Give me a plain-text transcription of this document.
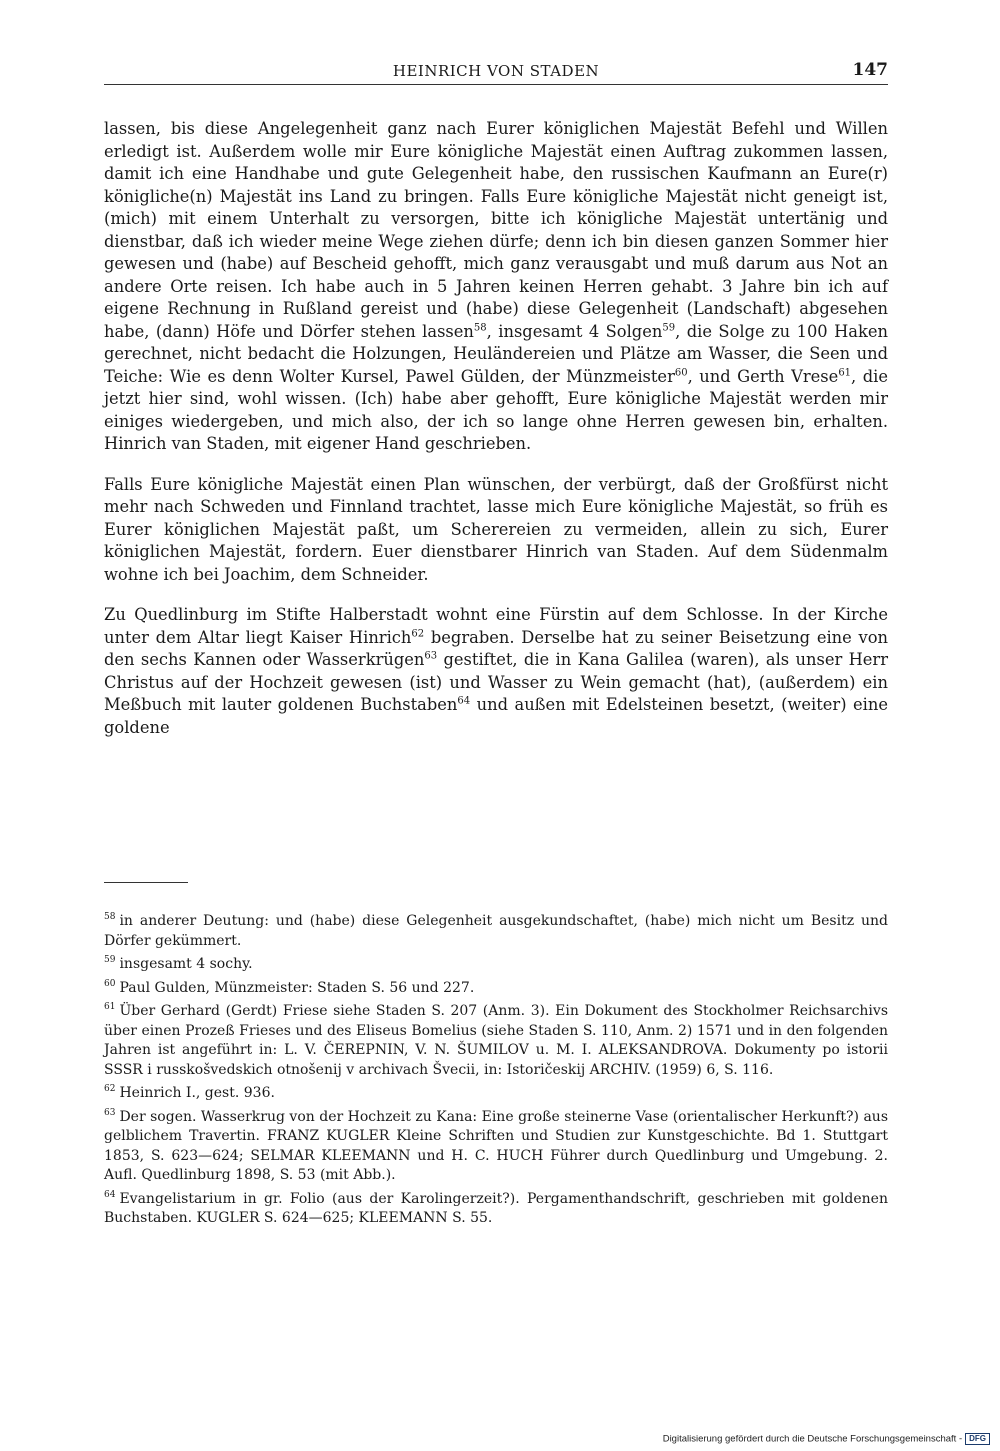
HEINRICH VON STADEN	147

lassen, bis diese Angelegenheit ganz nach Eurer königlichen Majestät Befehl und Willen erledigt ist. Außerdem wolle mir Eure königliche Majestät einen Auftrag zukommen lassen, damit ich eine Handhabe und gute Gelegenheit habe, den russischen Kaufmann an Eure(r) königliche(n) Majestät ins Land zu bringen. Falls Eure königliche Majestät nicht geneigt ist, (mich) mit einem Unterhalt zu versorgen, bitte ich königliche Majestät untertänig und dienstbar, daß ich wieder meine Wege ziehen dürfe; denn ich bin diesen ganzen Sommer hier gewesen und (habe) auf Bescheid gehofft, mich ganz verausgabt und muß darum aus Not an andere Orte reisen. Ich habe auch in 5 Jahren keinen Herren gehabt. 3 Jahre bin ich auf eigene Rechnung in Rußland gereist und (habe) diese Gelegenheit (Landschaft) abgesehen habe, (dann) Höfe und Dörfer stehen lassen$^{58}$, insgesamt 4 Solgen$^{59}$, die Solge zu 100 Haken gerechnet, nicht bedacht die Holzungen, Heuländereien und Plätze am Wasser, die Seen und Teiche: Wie es denn Wolter Kursel, Pawel Gülden, der Münzmeister$^{60}$, und Gerth Vrese$^{61}$, die jetzt hier sind, wohl wissen. (Ich) habe aber gehofft, Eure königliche Majestät werden mir einiges wiedergeben, und mich also, der ich so lange ohne Herren gewesen bin, erhalten. Hinrich van Staden, mit eigener Hand geschrieben.

Falls Eure königliche Majestät einen Plan wünschen, der verbürgt, daß der Großfürst nicht mehr nach Schweden und Finnland trachtet, lasse mich Eure königliche Majestät, so früh es Eurer königlichen Majestät paßt, um Scherereien zu vermeiden, allein zu sich, Eurer königlichen Majestät, fordern. Euer dienstbarer Hinrich van Staden. Auf dem Südenmalm wohne ich bei Joachim, dem Schneider.

Zu Quedlinburg im Stifte Halberstadt wohnt eine Fürstin auf dem Schlosse. In der Kirche unter dem Altar liegt Kaiser Hinrich$^{62}$ begraben. Derselbe hat zu seiner Beisetzung eine von den sechs Kannen oder Wasserkrügen$^{63}$ gestiftet, die in Kana Galilea (waren), als unser Herr Christus auf der Hochzeit gewesen (ist) und Wasser zu Wein gemacht (hat), (außerdem) ein Meßbuch mit lauter goldenen Buchstaben$^{64}$ und außen mit Edelsteinen besetzt, (weiter) eine goldene

$^{58}$ in anderer Deutung: und (habe) diese Gelegenheit ausgekundschaftet, (habe) mich nicht um Besitz und Dörfer gekümmert.

$^{59}$ insgesamt 4 sochy.

$^{60}$ Paul Gulden, Münzmeister: Staden S. 56 und 227.

$^{61}$ Über Gerhard (Gerdt) Friese siehe Staden S. 207 (Anm. 3). Ein Dokument des Stockholmer Reichsarchivs über einen Prozeß Frieses und des Eliseus Bomelius (siehe Staden S. 110, Anm. 2) 1571 und in den folgenden Jahren ist angeführt in: L. V. ČEREPNIN, V. N. ŠUMILOV u. M. I. ALEKSANDROVA. Dokumenty po istorii SSSR i russkošvedskich otnošenij v archivach Švecii, in: Istoričeskij ARCHIV. (1959) 6, S. 116.

$^{62}$ Heinrich I., gest. 936.

$^{63}$ Der sogen. Wasserkrug von der Hochzeit zu Kana: Eine große steinerne Vase (orientalischer Herkunft?) aus gelblichem Travertin. FRANZ KUGLER Kleine Schriften und Studien zur Kunstgeschichte. Bd 1. Stuttgart 1853, S. 623—624; SELMAR KLEEMANN und H. C. HUCH Führer durch Quedlinburg und Umgebung. 2. Aufl. Quedlinburg 1898, S. 53 (mit Abb.).

$^{64}$ Evangelistarium in gr. Folio (aus der Karolingerzeit?). Pergamenthandschrift, geschrieben mit goldenen Buchstaben. KUGLER S. 624—625; KLEEMANN S. 55.

Digitalisierung gefördert durch die Deutsche Forschungsgemeinschaft - DFG
